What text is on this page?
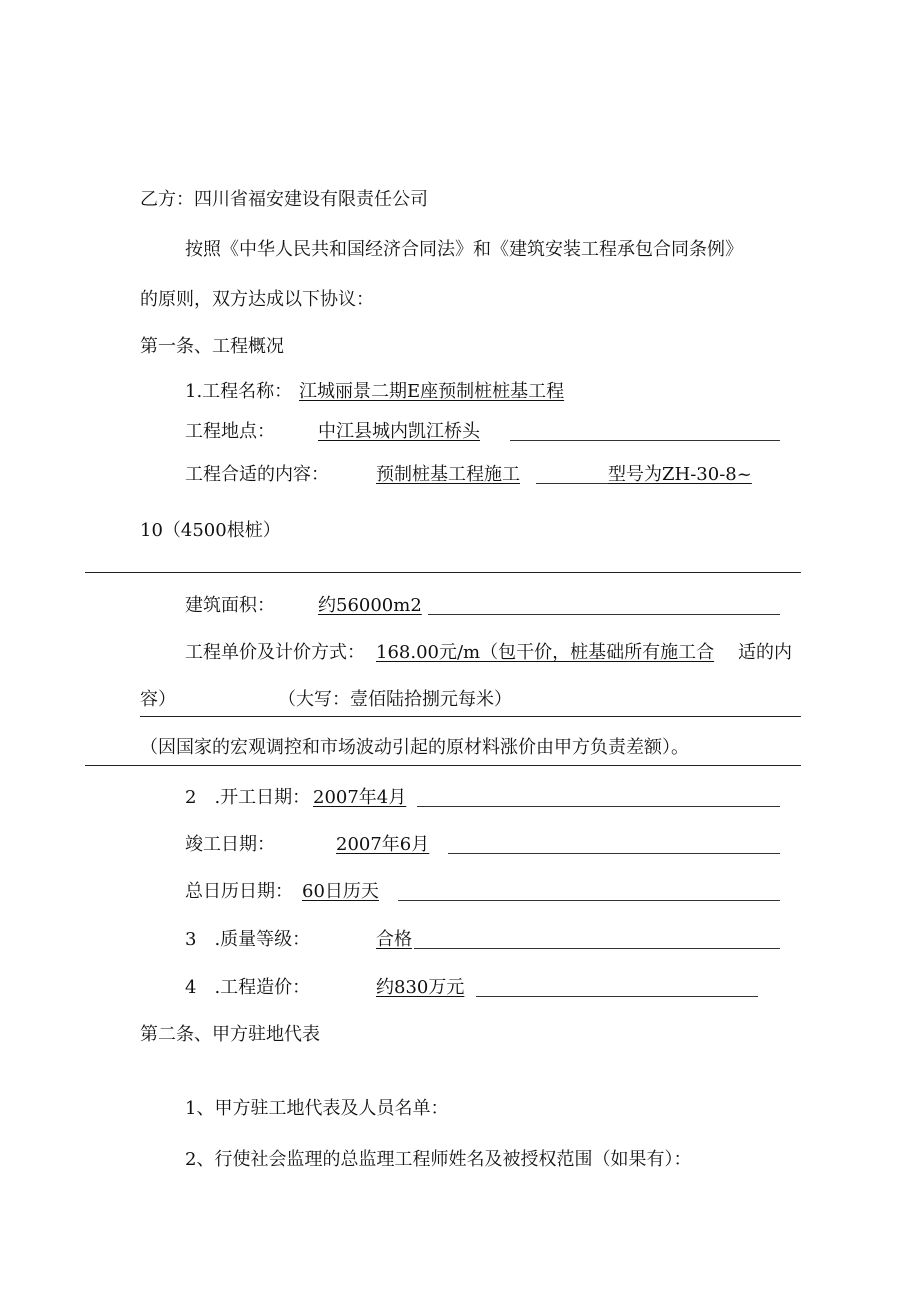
乙方：四川省福安建设有限责任公司
按照《中华人民共和国经济合同法》和《建筑安装工程承包合同条例》
的原则，双方达成以下协议：
第一条、工程概况
1.工程名称： 江城丽景二期E座预制桩桩基工程
工程地点： 中江县城内凯江桥头
工程合适的内容：	预制桩基工程施工	型号为ZH-30-8~
10（4500根桩）
建筑面积： 约56000m2
工程单价及计价方式： 168.00元/m（包干价，桩基础所有施工合 适的内
容）	（大写：壹佰陆拾捌元每米）
（因国家的宏观调控和市场波动引起的原材料涨价由甲方负责差额）。
2　.开工日期： 2007年4月
竣工日期：	2007年6月
总日历日期： 60日历天
3　.质量等级：	合格
4　.工程造价：	约830万元
第二条、甲方驻地代表
1、甲方驻工地代表及人员名单：
2、行使社会监理的总监理工程师姓名及被授权范围（如果有）：
